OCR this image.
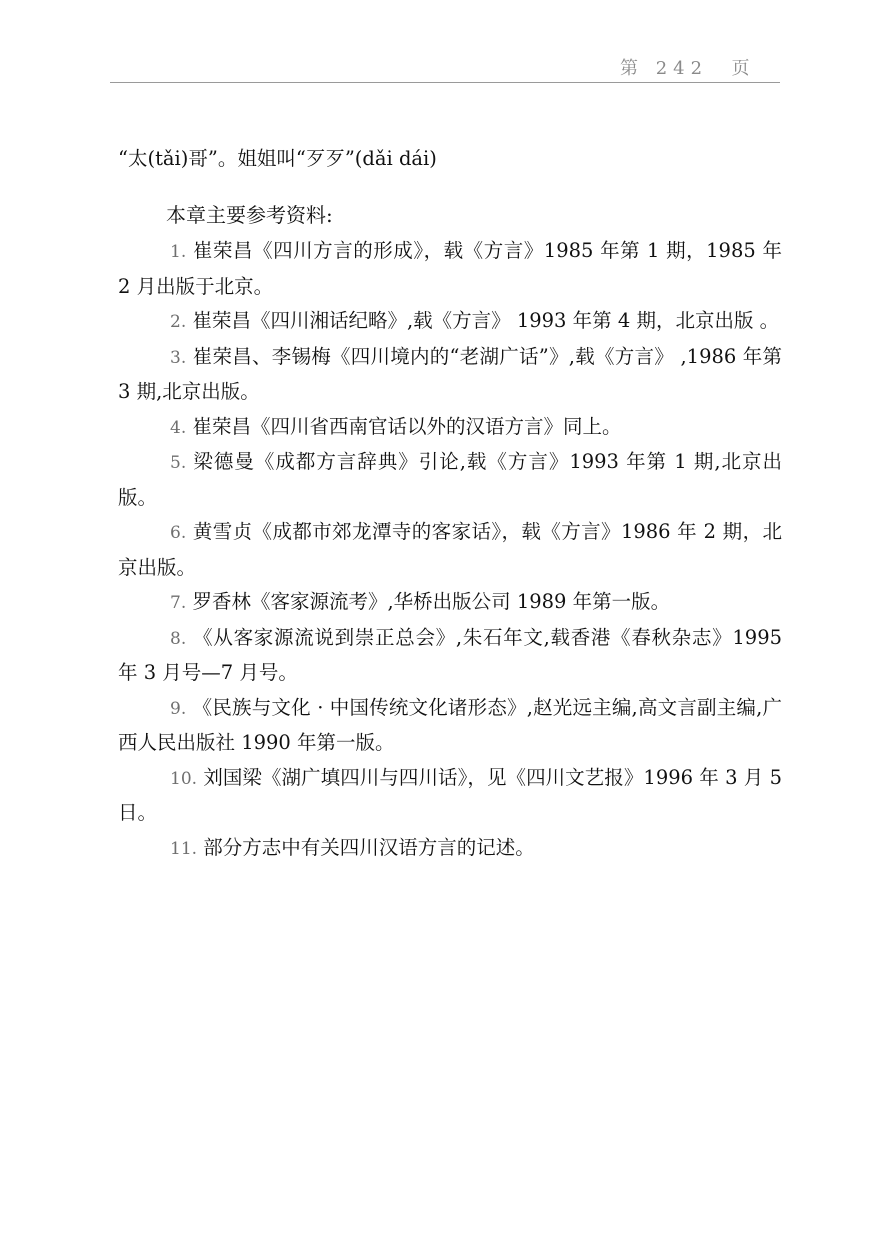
第 242  页

“太(tǎi)哥”。姐姐叫“歹歹”(dǎi dái)

本章主要参考资料:

1. 崔荣昌《四川方言的形成》，载《方言》1985 年第 1 期，1985 年 2 月出版于北京。

2. 崔荣昌《四川湘话纪略》,载《方言》 1993 年第 4 期，北京出版 。

3. 崔荣昌、李锡梅《四川境内的“老湖广话”》,载《方言》 ,1986 年第 3 期,北京出版。

4. 崔荣昌《四川省西南官话以外的汉语方言》同上。

5. 梁德曼《成都方言辞典》引论,载《方言》1993 年第 1 期,北京出版。

6. 黄雪贞《成都市郊龙潭寺的客家话》，载《方言》1986 年 2 期，北京出版。

7. 罗香林《客家源流考》,华桥出版公司 1989 年第一版。

8. 《从客家源流说到崇正总会》,朱石年文,载香港《春秋杂志》1995 年 3 月号—7 月号。

9. 《民族与文化 · 中国传统文化诸形态》,赵光远主编,高文言副主编,广西人民出版社 1990 年第一版。

10. 刘国梁《湖广填四川与四川话》，见《四川文艺报》1996 年 3 月 5 日。

11. 部分方志中有关四川汉语方言的记述。
